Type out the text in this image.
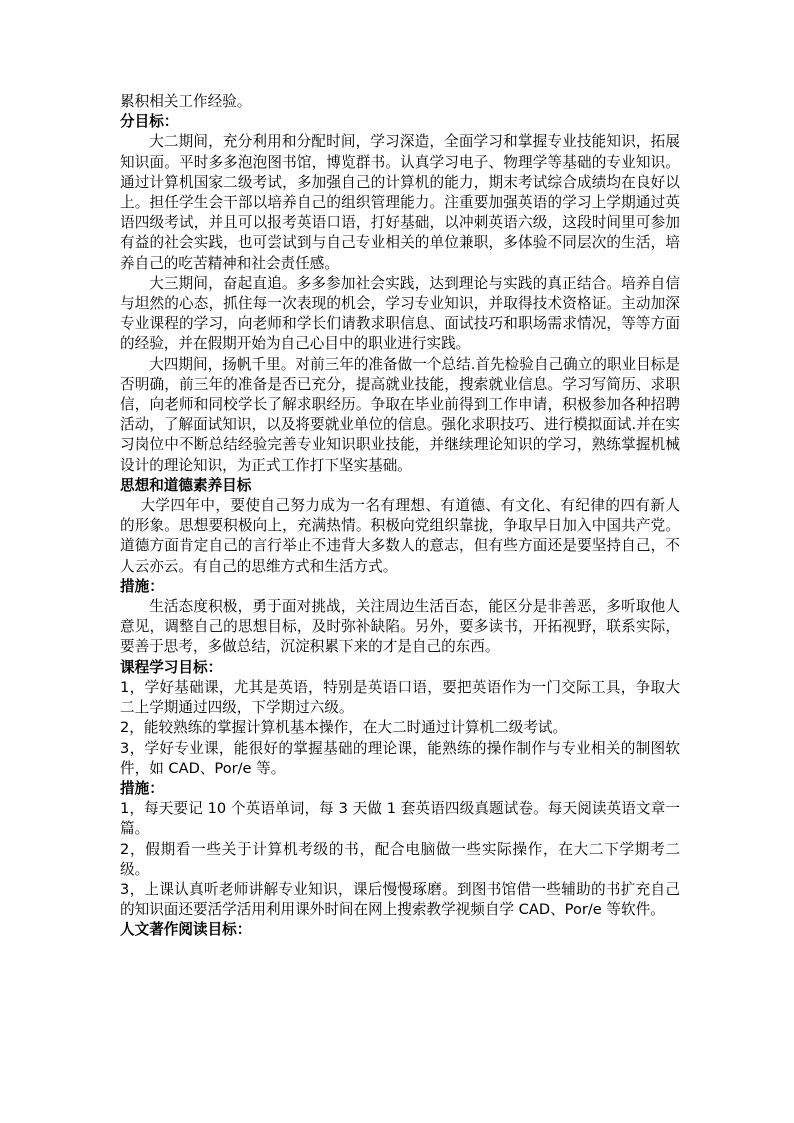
累积相关工作经验。

分目标：

大二期间，充分利用和分配时间，学习深造，全面学习和掌握专业技能知识，拓展知识面。平时多多泡泡图书馆，博览群书。认真学习电子、物理学等基础的专业知识。通过计算机国家二级考试，多加强自己的计算机的能力，期末考试综合成绩均在良好以上。担任学生会干部以培养自己的组织管理能力。注重要加强英语的学习上学期通过英语四级考试，并且可以报考英语口语，打好基础，以冲刺英语六级，这段时间里可参加有益的社会实践，也可尝试到与自己专业相关的单位兼职，多体验不同层次的生活，培养自己的吃苦精神和社会责任感。

大三期间，奋起直追。多多参加社会实践，达到理论与实践的真正结合。培养自信与坦然的心态，抓住每一次表现的机会，学习专业知识，并取得技术资格证。主动加深专业课程的学习，向老师和学长们请教求职信息、面试技巧和职场需求情况，等等方面的经验，并在假期开始为自己心目中的职业进行实践。

大四期间，扬帆千里。对前三年的准备做一个总结.首先检验自己确立的职业目标是否明确，前三年的准备是否已充分，提高就业技能，搜索就业信息。学习写简历、求职信，向老师和同校学长了解求职经历。争取在毕业前得到工作申请，积极参加各种招聘活动，了解面试知识，以及将要就业单位的信息。强化求职技巧、进行模拟面试.并在实习岗位中不断总结经验完善专业知识职业技能，并继续理论知识的学习，熟练掌握机械设计的理论知识，为正式工作打下坚实基础。

思想和道德素养目标

大学四年中，要使自己努力成为一名有理想、有道德、有文化、有纪律的四有新人的形象。思想要积极向上，充满热情。积极向党组织靠拢，争取早日加入中国共产党。道德方面肯定自己的言行举止不违背大多数人的意志，但有些方面还是要坚持自己，不人云亦云。有自己的思维方式和生活方式。

措施：

生活态度积极，勇于面对挑战，关注周边生活百态，能区分是非善恶，多听取他人意见，调整自己的思想目标，及时弥补缺陷。另外，要多读书，开拓视野，联系实际，要善于思考，多做总结，沉淀积累下来的才是自己的东西。

课程学习目标：

1，学好基础课，尤其是英语，特别是英语口语，要把英语作为一门交际工具，争取大二上学期通过四级，下学期过六级。

2，能较熟练的掌握计算机基本操作，在大二时通过计算机二级考试。

3，学好专业课，能很好的掌握基础的理论课，能熟练的操作制作与专业相关的制图软件，如 CAD、Por/e 等。

措施：

1，每天要记 10 个英语单词，每 3 天做 1 套英语四级真题试卷。每天阅读英语文章一篇。

2，假期看一些关于计算机考级的书，配合电脑做一些实际操作，在大二下学期考二级。

3，上课认真听老师讲解专业知识，课后慢慢琢磨。到图书馆借一些辅助的书扩充自己的知识面还要活学活用利用课外时间在网上搜索教学视频自学 CAD、Por/e 等软件。

人文著作阅读目标：
